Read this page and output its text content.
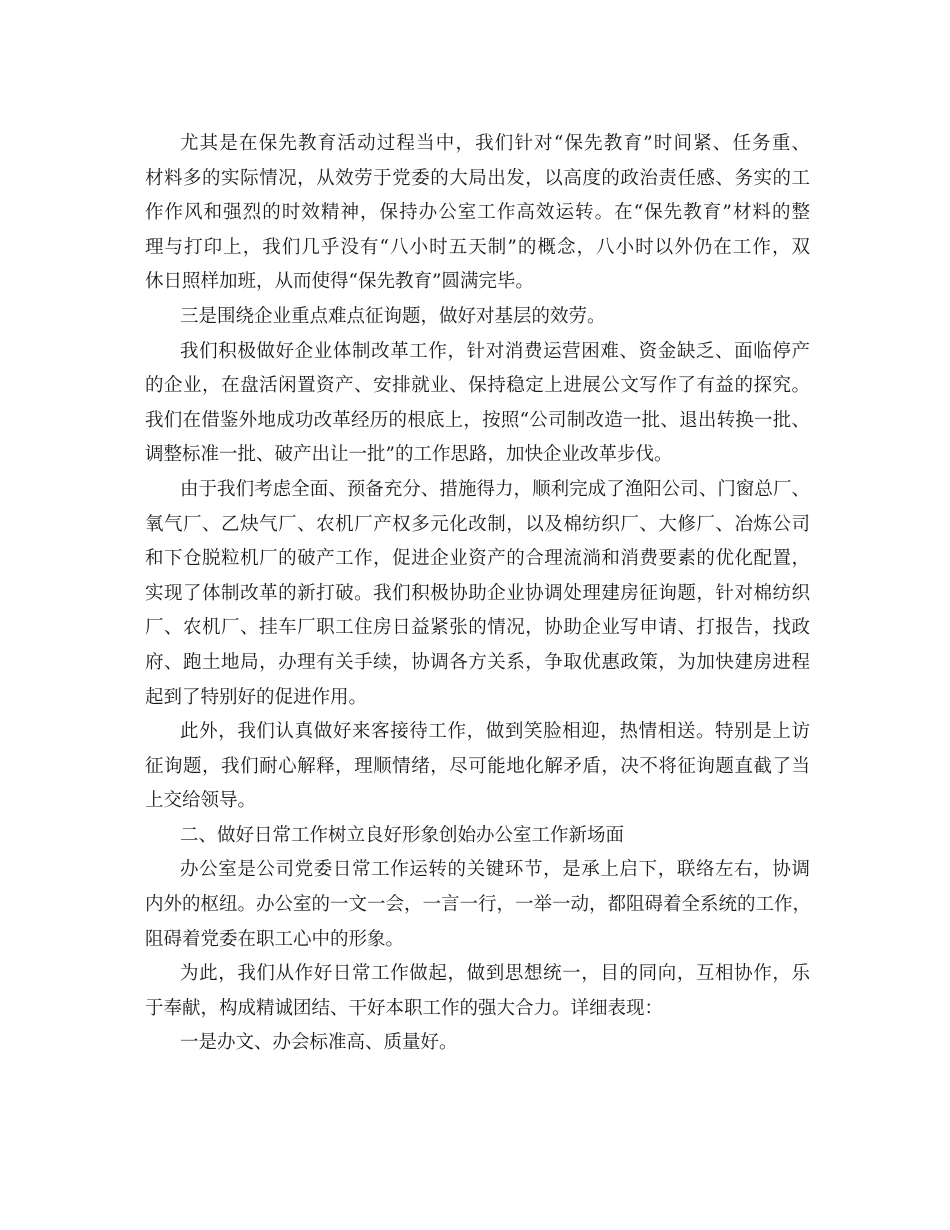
尤其是在保先教育活动过程当中，我们针对“保先教育”时间紧、任务重、
材料多的实际情况，从效劳于党委的大局出发，以高度的政治责任感、务实的工
作作风和强烈的时效精神，保持办公室工作高效运转。在“保先教育”材料的整
理与打印上，我们几乎没有“八小时五天制”的概念，八小时以外仍在工作，双
休日照样加班，从而使得“保先教育”圆满完毕。
三是围绕企业重点难点征询题，做好对基层的效劳。
我们积极做好企业体制改革工作，针对消费运营困难、资金缺乏、面临停产
的企业，在盘活闲置资产、安排就业、保持稳定上进展公文写作了有益的探究。
我们在借鉴外地成功改革经历的根底上，按照“公司制改造一批、退出转换一批、
调整标准一批、破产出让一批”的工作思路，加快企业改革步伐。
由于我们考虑全面、预备充分、措施得力，顺利完成了渔阳公司、门窗总厂、
氧气厂、乙炔气厂、农机厂产权多元化改制，以及棉纺织厂、大修厂、冶炼公司
和下仓脱粒机厂的破产工作，促进企业资产的合理流淌和消费要素的优化配置，
实现了体制改革的新打破。我们积极协助企业协调处理建房征询题，针对棉纺织
厂、农机厂、挂车厂职工住房日益紧张的情况，协助企业写申请、打报告，找政
府、跑土地局，办理有关手续，协调各方关系，争取优惠政策，为加快建房进程
起到了特别好的促进作用。
此外，我们认真做好来客接待工作，做到笑脸相迎，热情相送。特别是上访
征询题，我们耐心解释，理顺情绪，尽可能地化解矛盾，决不将征询题直截了当
上交给领导。
二、做好日常工作树立良好形象创始办公室工作新场面
办公室是公司党委日常工作运转的关键环节，是承上启下，联络左右，协调
内外的枢纽。办公室的一文一会，一言一行，一举一动，都阻碍着全系统的工作，
阻碍着党委在职工心中的形象。
为此，我们从作好日常工作做起，做到思想统一，目的同向，互相协作，乐
于奉献，构成精诚团结、干好本职工作的强大合力。详细表现：
一是办文、办会标准高、质量好。
